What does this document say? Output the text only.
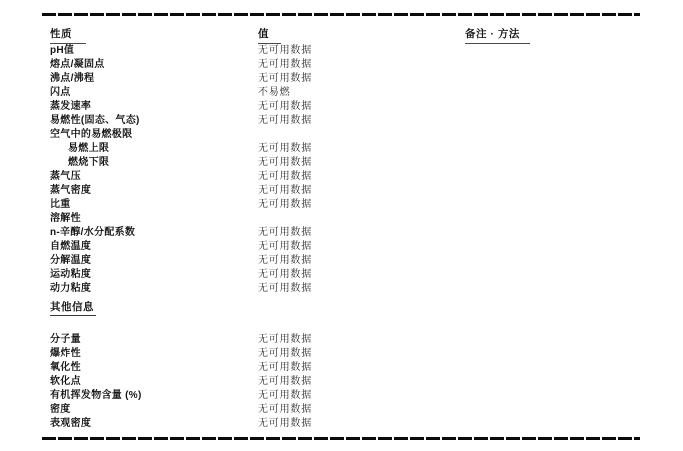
性质	值	备注 · 方法
pH值	无可用数据
熔点/凝固点	无可用数据
沸点/沸程	无可用数据
闪点	不易燃
蒸发速率	无可用数据
易燃性(固态、气态)	无可用数据
空气中的易燃极限
易燃上限	无可用数据
燃烧下限	无可用数据
蒸气压	无可用数据
蒸气密度	无可用数据
比重	无可用数据
溶解性
n-辛醇/水分配系数	无可用数据
自燃温度	无可用数据
分解温度	无可用数据
运动粘度	无可用数据
动力粘度	无可用数据
其他信息
分子量	无可用数据
爆炸性	无可用数据
氧化性	无可用数据
软化点	无可用数据
有机挥发物含量 (%)	无可用数据
密度	无可用数据
表观密度	无可用数据
